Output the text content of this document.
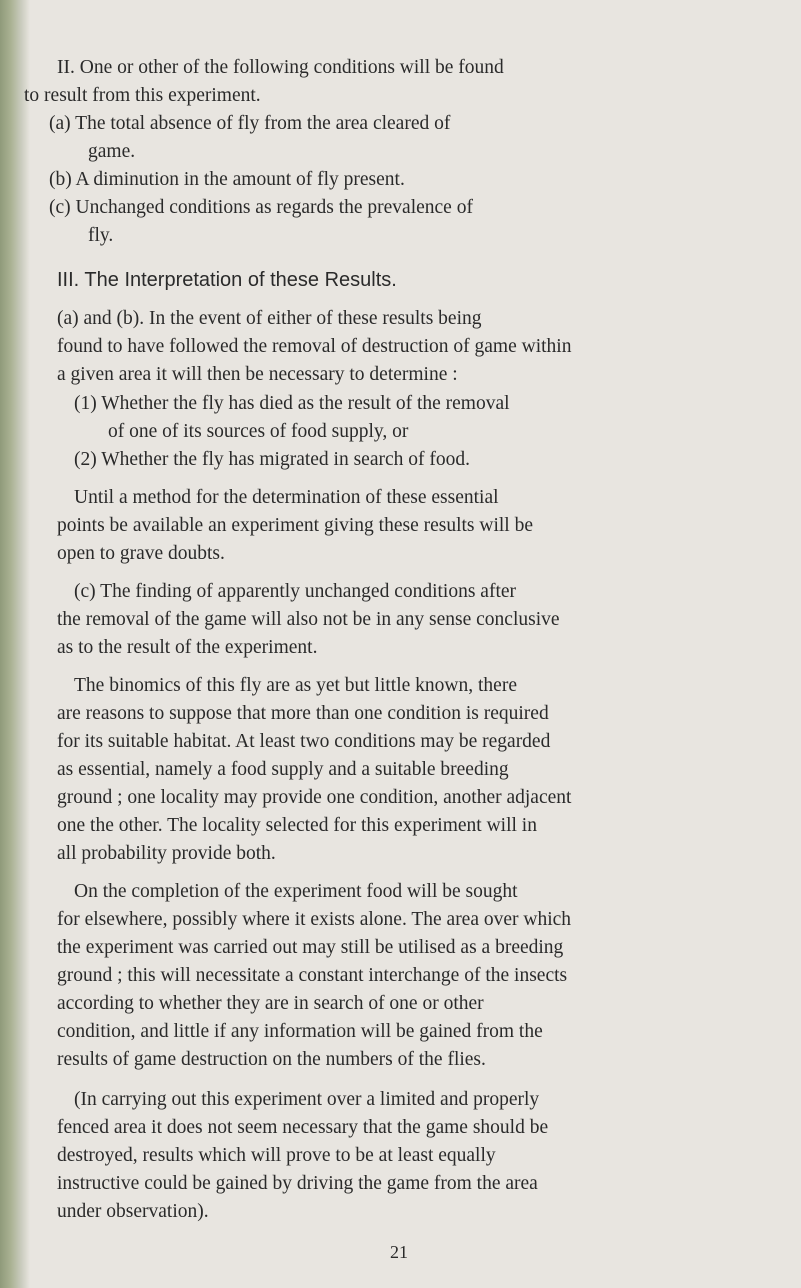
II. One or other of the following conditions will be found
to result from this experiment.
(a) The total absence of fly from the area cleared of
game.
(b) A diminution in the amount of fly present.
(c) Unchanged conditions as regards the prevalence of
fly.
III. The Interpretation of these Results.
(a) and (b). In the event of either of these results being
found to have followed the removal of destruction of game within
a given area it will then be necessary to determine :
(1) Whether the fly has died as the result of the removal
of one of its sources of food supply, or
(2) Whether the fly has migrated in search of food.
Until a method for the determination of these essential
points be available an experiment giving these results will be
open to grave doubts.
(c) The finding of apparently unchanged conditions after
the removal of the game will also not be in any sense conclusive
as to the result of the experiment.
The binomics of this fly are as yet but little known, there
are reasons to suppose that more than one condition is required
for its suitable habitat. At least two conditions may be regarded
as essential, namely a food supply and a suitable breeding
ground ; one locality may provide one condition, another adjacent
one the other. The locality selected for this experiment will in
all probability provide both.
On the completion of the experiment food will be sought
for elsewhere, possibly where it exists alone. The area over which
the experiment was carried out may still be utilised as a breeding
ground ; this will necessitate a constant interchange of the insects
according to whether they are in search of one or other
condition, and little if any information will be gained from the
results of game destruction on the numbers of the flies.
(In carrying out this experiment over a limited and properly
fenced area it does not seem necessary that the game should be
destroyed, results which will prove to be at least equally
instructive could be gained by driving the game from the area
under observation).
21
